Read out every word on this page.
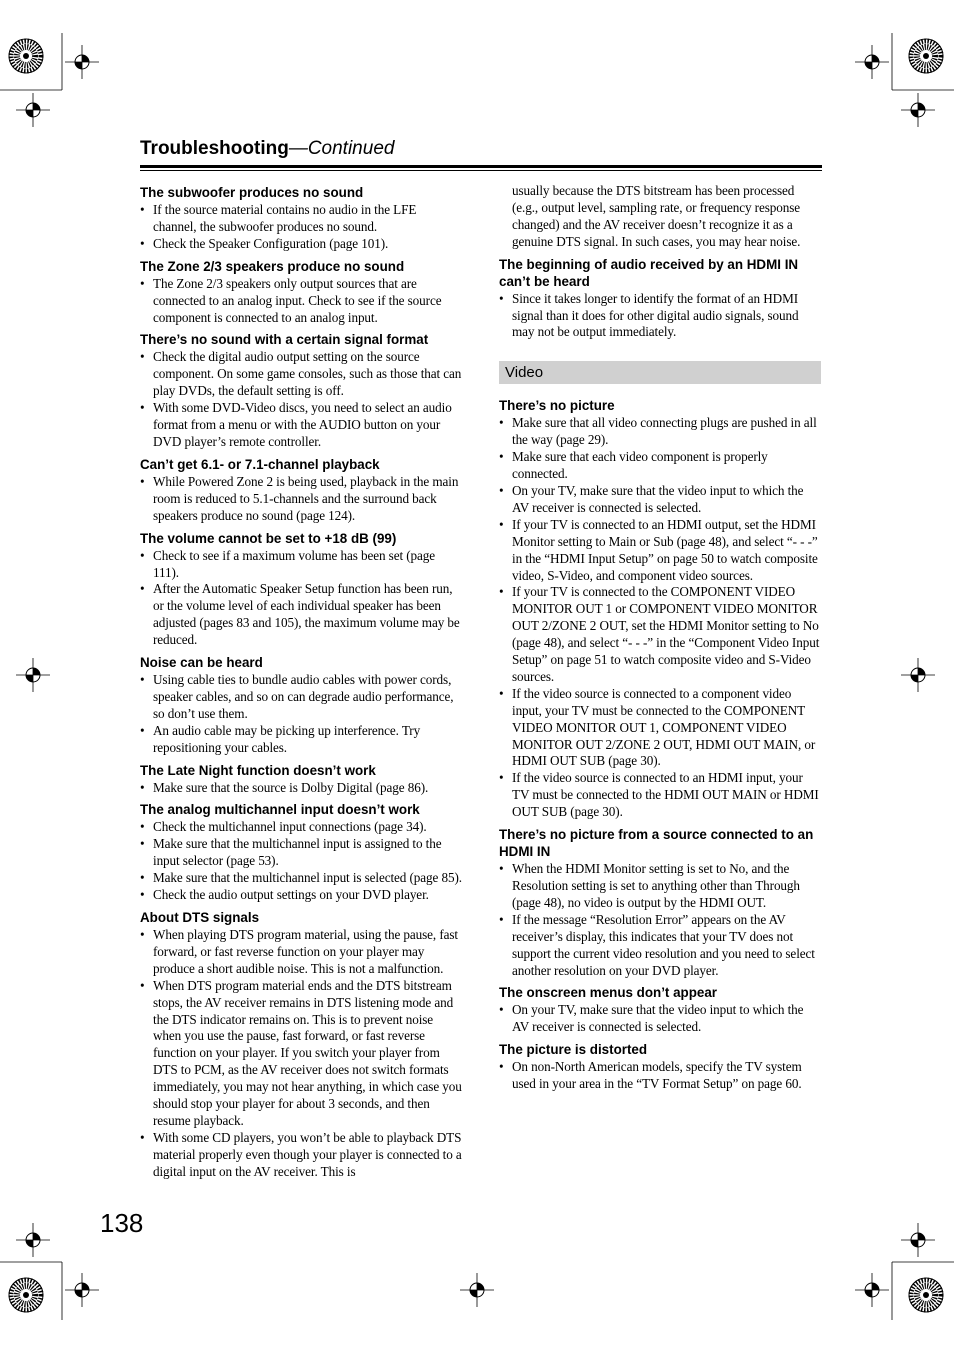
Troubleshooting—Continued

The subwoofer produces no sound

• If the source material contains no audio in the LFE channel, the subwoofer produces no sound.
• Check the Speaker Configuration (page 101).

The Zone 2/3 speakers produce no sound

• The Zone 2/3 speakers only output sources that are connected to an analog input. Check to see if the source component is connected to an analog input.

There’s no sound with a certain signal format

• Check the digital audio output setting on the source component. On some game consoles, such as those that can play DVDs, the default setting is off.
• With some DVD-Video discs, you need to select an audio format from a menu or with the AUDIO button on your DVD player’s remote controller.

Can’t get 6.1- or 7.1-channel playback

• While Powered Zone 2 is being used, playback in the main room is reduced to 5.1-channels and the surround back speakers produce no sound (page 124).

The volume cannot be set to +18 dB (99)

• Check to see if a maximum volume has been set (page 111).
• After the Automatic Speaker Setup function has been run, or the volume level of each individual speaker has been adjusted (pages 83 and 105), the maximum volume may be reduced.

Noise can be heard

• Using cable ties to bundle audio cables with power cords, speaker cables, and so on can degrade audio performance, so don’t use them.
• An audio cable may be picking up interference. Try repositioning your cables.

The Late Night function doesn’t work

• Make sure that the source is Dolby Digital (page 86).

The analog multichannel input doesn’t work

• Check the multichannel input connections (page 34).
• Make sure that the multichannel input is assigned to the input selector (page 53).
• Make sure that the multichannel input is selected (page 85).
• Check the audio output settings on your DVD player.

About DTS signals

• When playing DTS program material, using the pause, fast forward, or fast reverse function on your player may produce a short audible noise. This is not a malfunction.
• When DTS program material ends and the DTS bitstream stops, the AV receiver remains in DTS listening mode and the DTS indicator remains on. This is to prevent noise when you use the pause, fast forward, or fast reverse function on your player. If you switch your player from DTS to PCM, as the AV receiver does not switch formats immediately, you may not hear anything, in which case you should stop your player for about 3 seconds, and then resume playback.
• With some CD players, you won’t be able to playback DTS material properly even though your player is connected to a digital input on the AV receiver. This is

usually because the DTS bitstream has been processed (e.g., output level, sampling rate, or frequency response changed) and the AV receiver doesn’t recognize it as a genuine DTS signal. In such cases, you may hear noise.

The beginning of audio received by an HDMI IN can’t be heard

• Since it takes longer to identify the format of an HDMI signal than it does for other digital audio signals, sound may not be output immediately.
Video

There’s no picture

• Make sure that all video connecting plugs are pushed in all the way (page 29).
• Make sure that each video component is properly connected.
• On your TV, make sure that the video input to which the AV receiver is connected is selected.
• If your TV is connected to an HDMI output, set the HDMI Monitor setting to Main or Sub (page 48), and select “- - -” in the “HDMI Input Setup” on page 50 to watch composite video, S-Video, and component video sources.
• If your TV is connected to the COMPONENT VIDEO MONITOR OUT 1 or COMPONENT VIDEO MONITOR OUT 2/ZONE 2 OUT, set the HDMI Monitor setting to No (page 48), and select “- - -” in the “Component Video Input Setup” on page 51 to watch composite video and S-Video sources.
• If the video source is connected to a component video input, your TV must be connected to the COMPONENT VIDEO MONITOR OUT 1, COMPONENT VIDEO MONITOR OUT 2/ZONE 2 OUT, HDMI OUT MAIN, or HDMI OUT SUB (page 30).
• If the video source is connected to an HDMI input, your TV must be connected to the HDMI OUT MAIN or HDMI OUT SUB (page 30).

There’s no picture from a source connected to an HDMI IN

• When the HDMI Monitor setting is set to No, and the Resolution setting is set to anything other than Through (page 48), no video is output by the HDMI OUT.
• If the message “Resolution Error” appears on the AV receiver’s display, this indicates that your TV does not support the current video resolution and you need to select another resolution on your DVD player.

The onscreen menus don’t appear

• On your TV, make sure that the video input to which the AV receiver is connected is selected.

The picture is distorted

• On non-North American models, specify the TV system used in your area in the “TV Format Setup” on page 60.
138
